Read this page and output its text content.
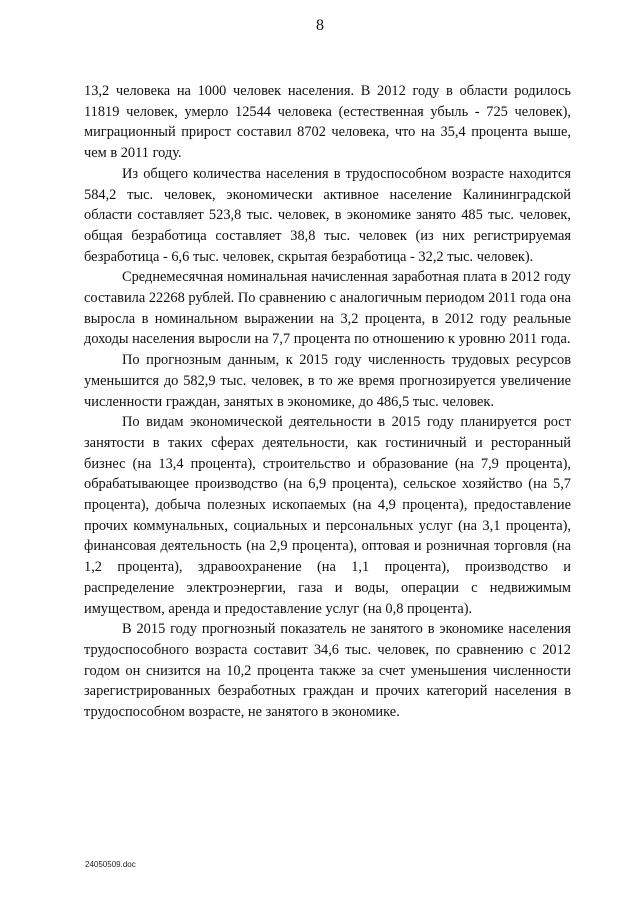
8

13,2 человека на 1000 человек населения. В 2012 году в области родилось 11819 человек, умерло 12544 человека (естественная убыль - 725 человек), миграционный прирост составил 8702 человека, что на 35,4 процента выше, чем в 2011 году.

Из общего количества населения в трудоспособном возрасте находится 584,2 тыс. человек, экономически активное население Калининградской области составляет 523,8 тыс. человек, в экономике занято 485 тыс. человек, общая безработица составляет 38,8 тыс. человек (из них регистрируемая безработица - 6,6 тыс. человек, скрытая безработица - 32,2 тыс. человек).

Среднемесячная номинальная начисленная заработная плата в 2012 году составила 22268 рублей. По сравнению с аналогичным периодом 2011 года она выросла в номинальном выражении на 3,2 процента, в 2012 году реальные доходы населения выросли на 7,7 процента по отношению к уровню 2011 года.

По прогнозным данным, к 2015 году численность трудовых ресурсов уменьшится до 582,9 тыс. человек, в то же время прогнозируется увеличение численности граждан, занятых в экономике, до 486,5 тыс. человек.

По видам экономической деятельности в 2015 году планируется рост занятости в таких сферах деятельности, как гостиничный и ресторанный бизнес (на 13,4 процента), строительство и образование (на 7,9 процента), обрабатывающее производство (на 6,9 процента), сельское хозяйство (на 5,7 процента), добыча полезных ископаемых (на 4,9 процента), предоставление прочих коммунальных, социальных и персональных услуг (на 3,1 процента), финансовая деятельность (на 2,9 процента), оптовая и розничная торговля (на 1,2 процента), здравоохранение (на 1,1 процента), производство и распределение электроэнергии, газа и воды, операции с недвижимым имуществом, аренда и предоставление услуг (на 0,8 процента).

В 2015 году прогнозный показатель не занятого в экономике населения трудоспособного возраста составит 34,6 тыс. человек, по сравнению с 2012 годом он снизится на 10,2 процента также за счет уменьшения численности зарегистрированных безработных граждан и прочих категорий населения в трудоспособном возрасте, не занятого в экономике.

24050509.doc
